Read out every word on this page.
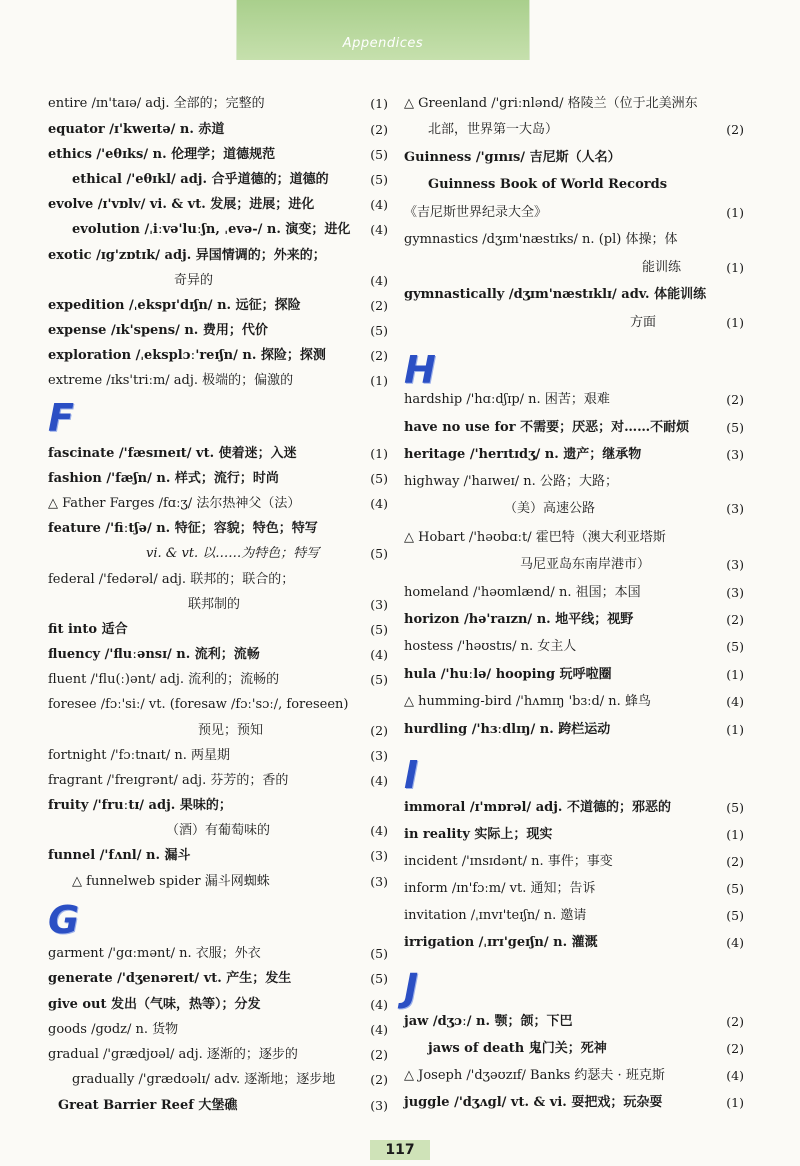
Appendices
entire /ɪn'taɪə/ adj. 全部的；完整的	(1)
equator /ɪ'kweɪtə/ n. 赤道	(2)
ethics /'eθɪks/ n. 伦理学；道德规范	(5)
ethical /'eθɪkl/ adj. 合乎道德的；道德的	(5)
evolve /ɪ'vɒlv/ vi. & vt. 发展；进展；进化	(4)
evolution /ˌiːvə'luːʃn, ˌevə-/ n. 演变；进化 (4)
exotic /ɪg'zɒtɪk/ adj. 异国情调的；外来的；
奇异的	(4)
expedition /ˌekspɪ'dɪʃn/ n. 远征；探险	(2)
expense /ɪk'spens/ n. 费用；代价	(5)
exploration /ˌeksplɔː'reɪʃn/ n. 探险；探测	(2)
extreme /ɪks'triːm/ adj. 极端的；偏激的	(1)
F
fascinate /'fæsɪneɪt/ vt. 使着迷；入迷	(1)
fashion /'fæʃn/ n. 样式；流行；时尚	(5)
△ Father Farges /fɑːʒ/ 法尔热神父（法）	(4)
feature /'fiːtʃə/ n. 特征；容貌；特色；特写
vi. & vt. 以……为特色；特写	(5)
federal /'fedərəl/ adj. 联邦的；联合的；
联邦制的	(3)
fit into 适合	(5)
fluency /'fluːənsɪ/ n. 流利；流畅	(4)
fluent /'flu(ː)ənt/ adj. 流利的；流畅的	(5)
foresee /fɔː'siː/ vt. (foresaw /fɔː'sɔː/, foreseen)
预见；预知	(2)
fortnight /'fɔːtnaɪt/ n. 两星期	(3)
fragrant /'freɪgrənt/ adj. 芬芳的；香的	(4)
fruity /'fruːtɪ/ adj. 果味的；
（酒）有葡萄味的	(4)
funnel /'fʌnl/ n. 漏斗	(3)
△ funnelweb spider 漏斗网蜘蛛	(3)
G
garment /'gɑːmənt/ n. 衣服；外衣	(5)
generate /'dʒenəreɪt/ vt. 产生；发生	(5)
give out 发出（气味，热等）；分发	(4)
goods /gʊdz/ n. 货物	(4)
gradual /'grædjʊəl/ adj. 逐渐的；逐步的	(2)
gradually /'grædʊəlɪ/ adv. 逐渐地；逐步地	(2)
Great Barrier Reef 大堡礁	(3)
△ Greenland /'griːnlənd/ 格陵兰（位于北美洲东
北部，世界第一大岛）	(2)
Guinness /'gɪnɪs/ 吉尼斯（人名）
Guinness Book of World Records
《吉尼斯世界纪录大全》	(1)
gymnastics /dʒɪm'næstɪks/ n. (pl) 体操；体
能训练	(1)
gymnastically /dʒɪm'næstɪklɪ/ adv. 体能训练
方面	(1)
H
hardship /'hɑːdʃɪp/ n. 困苦；艰难	(2)
have no use for 不需要；厌恶；对……不耐烦	(5)
heritage /'herɪtɪdʒ/ n. 遗产；继承物	(3)
highway /'haɪweɪ/ n. 公路；大路；
（美）高速公路	(3)
△ Hobart /'həʊbɑːt/ 霍巴特（澳大利亚塔斯
马尼亚岛东南岸港市）	(3)
homeland /'həʊmlænd/ n. 祖国；本国	(3)
horizon /hə'raɪzn/ n. 地平线；视野	(2)
hostess /'həʊstɪs/ n. 女主人	(5)
hula /'huːlə/ hooping 玩呼啦圈	(1)
△ humming-bird /'hʌmɪŋ 'bɜːd/ n. 蜂鸟	(4)
hurdling /'hɜːdlɪŋ/ n. 跨栏运动	(1)
I
immoral /ɪ'mɒrəl/ adj. 不道德的；邪恶的	(5)
in reality 实际上；现实	(1)
incident /'ɪnsɪdənt/ n. 事件；事变	(2)
inform /ɪn'fɔːm/ vt. 通知；告诉	(5)
invitation /ˌɪnvɪ'teɪʃn/ n. 邀请	(5)
irrigation /ˌɪrɪ'geɪʃn/ n. 灌溉	(4)
J
jaw /dʒɔː/ n. 颚；颌；下巴	(2)
jaws of death 鬼门关；死神	(2)
△ Joseph /'dʒəʊzɪf/ Banks 约瑟夫 · 班克斯	(4)
juggle /'dʒʌgl/ vt. & vi. 耍把戏；玩杂耍	(1)
117
